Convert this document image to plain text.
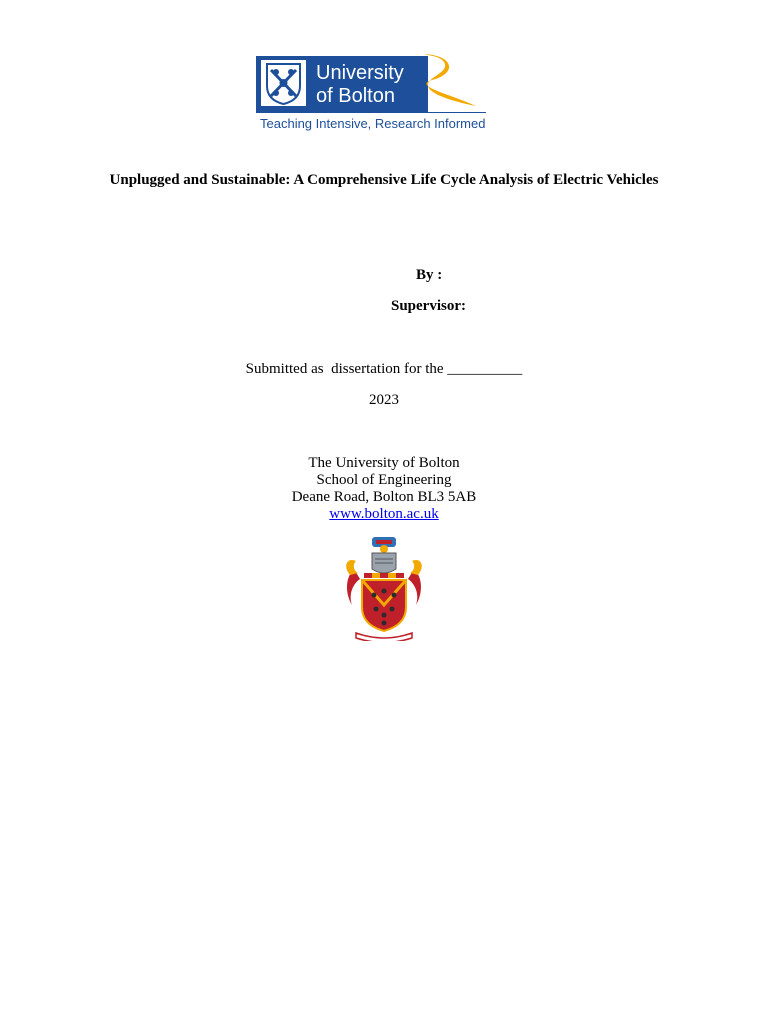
University
of Bolton
Teaching Intensive, Research Informed
Unplugged and Sustainable: A Comprehensive Life Cycle Analysis of Electric Vehicles
By :
Supervisor:
Submitted as  dissertation for the __________
2023
The University of Bolton
School of Engineering
Deane Road, Bolton BL3 5AB
www.bolton.ac.uk
